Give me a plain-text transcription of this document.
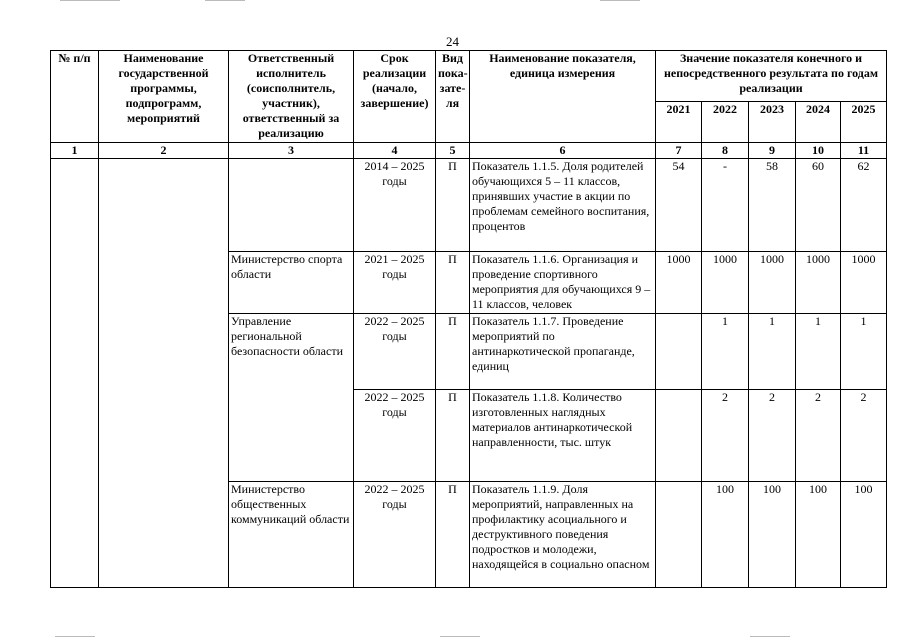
24
№ п/п	Наименование государственной программы, подпрограмм, мероприятий	Ответственный исполнитель (соисполнитель, участник), ответственный за реализацию	Срок реализации (начало, завершение)	Вид пока-зате-ля	Наименование показателя, единица измерения	Значение показателя конечного и непосредственного результата по годам реализации				
						2021	2022	2023	2024	2025
1	2	3	4	5	6	7	8	9	10	11
			2014 – 2025 годы	П	Показатель 1.1.5. Доля родителей обучающихся 5 – 11 классов, принявших участие в акции по проблемам семейного воспитания, процентов	54	-	58	60	62
		Министерство спорта области	2021 – 2025 годы	П	Показатель 1.1.6. Организация и проведение спортивного мероприятия для обучающихся 9 – 11 классов, человек	1000	1000	1000	1000	1000
		Управление региональной безопасности области	2022 – 2025 годы	П	Показатель 1.1.7. Проведение мероприятий по антинаркотической пропаганде, единиц		1	1	1	1
			2022 – 2025 годы	П	Показатель 1.1.8. Количество изготовленных наглядных материалов антинаркотической направленности, тыс. штук		2	2	2	2
		Министерство общественных коммуникаций области	2022 – 2025 годы	П	Показатель 1.1.9. Доля мероприятий, направленных на профилактику асоциального и деструктивного поведения подростков и молодежи, находящейся в социально опасном		100	100	100	100
